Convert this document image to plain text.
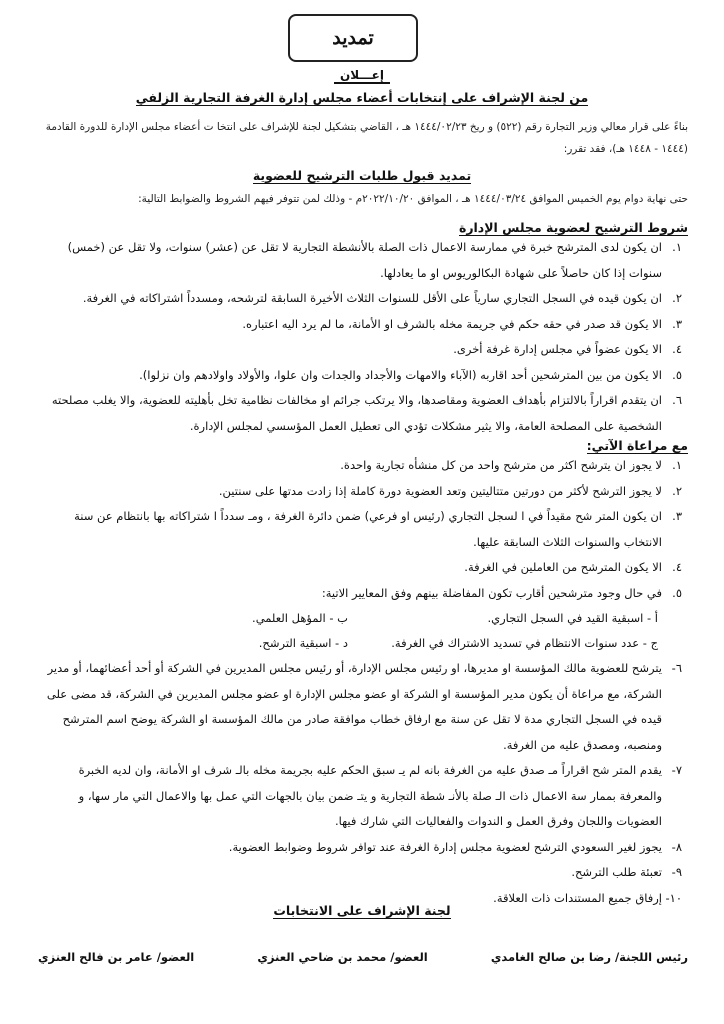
تمديد
إعـــلان
من لجنة الإشراف على إنتخابات أعضاء مجلس إدارة الغرفة التجارية الزلفي
بناءً على قرار معالي وزير التجارة رقم (٥٢٢) و ريخ ١٤٤٤/٠٢/٢٣ هـ ، القاضي بتشكيل لجنة للإشراف على انتخا ت أعضاء مجلس الإدارة للدورة القادمة (١٤٤٤ - ١٤٤٨ هـ)، فقد تقرر:
تمديد قبول طلبات الترشيح للعضوية
حتى نهاية دوام يوم الخميس الموافق ١٤٤٤/٠٣/٢٤ هـ ، الموافق ٢٠٢٢/١٠/٢٠م - وذلك لمن تتوفر فيهم الشروط والضوابط التالية:
شروط الترشيح لعضوية مجلس الإدارة
١.
ان يكون لدى المترشح خبرة في ممارسة الاعمال ذات الصلة بالأنشطة التجارية لا تقل عن (عشر) سنوات، ولا تقل عن (خمس) سنوات إذا كان حاصلاً على شهادة البكالوريوس او ما يعادلها.
٢.
ان يكون قيده في السجل التجاري سارياً على الأقل للسنوات الثلاث الأخيرة السابقة لترشحه، ومسدداً اشتراكاته في الغرفة.
٣.
الا يكون قد صدر في حقه حكم في جريمة مخله بالشرف او الأمانة، ما لم يرد اليه اعتباره.
٤.
الا يكون عضواً في مجلس إدارة غرفة أخرى.
٥.
الا يكون من بين المترشحين أحد اقاربه (الآباء والامهات والأجداد والجدات وان علوا، والأولاد واولادهم وان نزلوا).
٦.
ان يتقدم اقراراً بالالتزام بأهداف العضوية ومقاصدها، والا يرتكب جرائم او مخالفات نظامية تخل بأهليته للعضوية، والا يغلب مصلحته الشخصية على المصلحة العامة، والا يثير مشكلات تؤدي الى تعطيل العمل المؤسسي لمجلس الإدارة.
مع مراعاة الآتي:
١.
لا يجوز ان يترشح اكثر من مترشح واحد من كل منشأه تجارية واحدة.
٢.
لا يجوز الترشح لأكثر من دورتين متتاليتين وتعد العضوية دورة كاملة إذا زادت مدتها على سنتين.
٣.
ان يكون المتر شح مقيداً في ا لسجل التجاري (رئيس او فرعي) ضمن دائرة الغرفة ، ومـ سدداً ا شتراكاته بها بانتظام عن سنة الانتخاب والسنوات الثلاث السابقة عليها.
٤.
الا يكون المترشح من العاملين في الغرفة.
٥.
في حال وجود مترشحين أقارب تكون المفاضلة بينهم وفق المعايير الاتية:
أ - اسبقية القيد في السجل التجاري.
ب - المؤهل العلمي.
ج - عدد سنوات الانتظام في تسديد الاشتراك في الغرفة.
د - اسبقية الترشح.
٦-
يترشح للعضوية مالك المؤسسة او مديرها، او رئيس مجلس الإدارة، أو رئيس مجلس المديرين في الشركة أو أحد أعضائهما، أو مدير الشركة، مع مراعاة أن يكون مدير المؤسسة او الشركة او عضو مجلس الإدارة او عضو مجلس المديرين في الشركة، قد مضى على قيده في السجل التجاري مدة لا تقل عن سنة مع ارفاق خطاب موافقة صادر من مالك المؤسسة او الشركة يوضح اسم المترشح ومنصبه، ومصدق عليه من الغرفة.
٧-
يقدم المتر شح اقراراً مـ صدق عليه من الغرفة بانه لم يـ سبق الحكم عليه بجريمة مخله بالـ شرف او الأمانة، وان لديه الخبرة والمعرفة بممار سة الاعمال ذات الـ صلة بالأنـ شطة التجارية و يتـ ضمن بيان بالجهات التي عمل بها والاعمال التي مار سها، و العضويات واللجان وفرق العمل و الندوات والفعاليات التي شارك فيها.
٨-
يجوز لغير السعودي الترشح لعضوية مجلس إدارة الغرفة عند توافر شروط وضوابط العضوية.
٩-
تعبئة طلب الترشح.
١٠-
إرفاق جميع المستندات ذات العلاقة.
لجنة الإشراف على الانتخابات
رئيس اللجنة/ رضا بن صالح الغامدي
العضو/ محمد بن ضاحي العنزي
العضو/ عامر بن فالح العنزي
